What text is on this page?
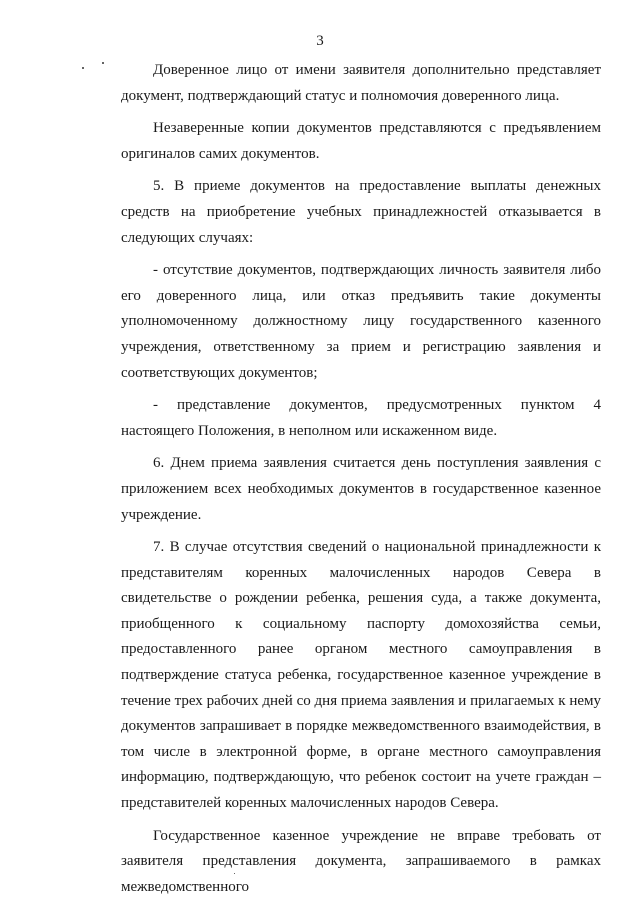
3

Доверенное лицо от имени заявителя дополнительно представляет документ, подтверждающий статус и полномочия доверенного лица.

Незаверенные копии документов представляются с предъявлением оригиналов самих документов.

5. В приеме документов на предоставление выплаты денежных средств на приобретение учебных принадлежностей отказывается в следующих случаях:

- отсутствие документов, подтверждающих личность заявителя либо его доверенного лица, или отказ предъявить такие документы уполномоченному должностному лицу государственного казенного учреждения, ответственному за прием и регистрацию заявления и соответствующих документов;

- представление документов, предусмотренных пунктом 4 настоящего Положения, в неполном или искаженном виде.

6. Днем приема заявления считается день поступления заявления с приложением всех необходимых документов в государственное казенное учреждение.

7. В случае отсутствия сведений о национальной принадлежности к представителям коренных малочисленных народов Севера в свидетельстве о рождении ребенка, решения суда, а также документа, приобщенного к социальному паспорту домохозяйства семьи, предоставленного ранее органом местного самоуправления в подтверждение статуса ребенка, государственное казенное учреждение в течение трех рабочих дней со дня приема заявления и прилагаемых к нему документов запрашивает в порядке межведомственного взаимодействия, в том числе в электронной форме, в органе местного самоуправления информацию, подтверждающую, что ребенок состоит на учете граждан – представителей коренных малочисленных народов Севера.

Государственное казенное учреждение не вправе требовать от заявителя представления документа, запрашиваемого в рамках межведомственного
